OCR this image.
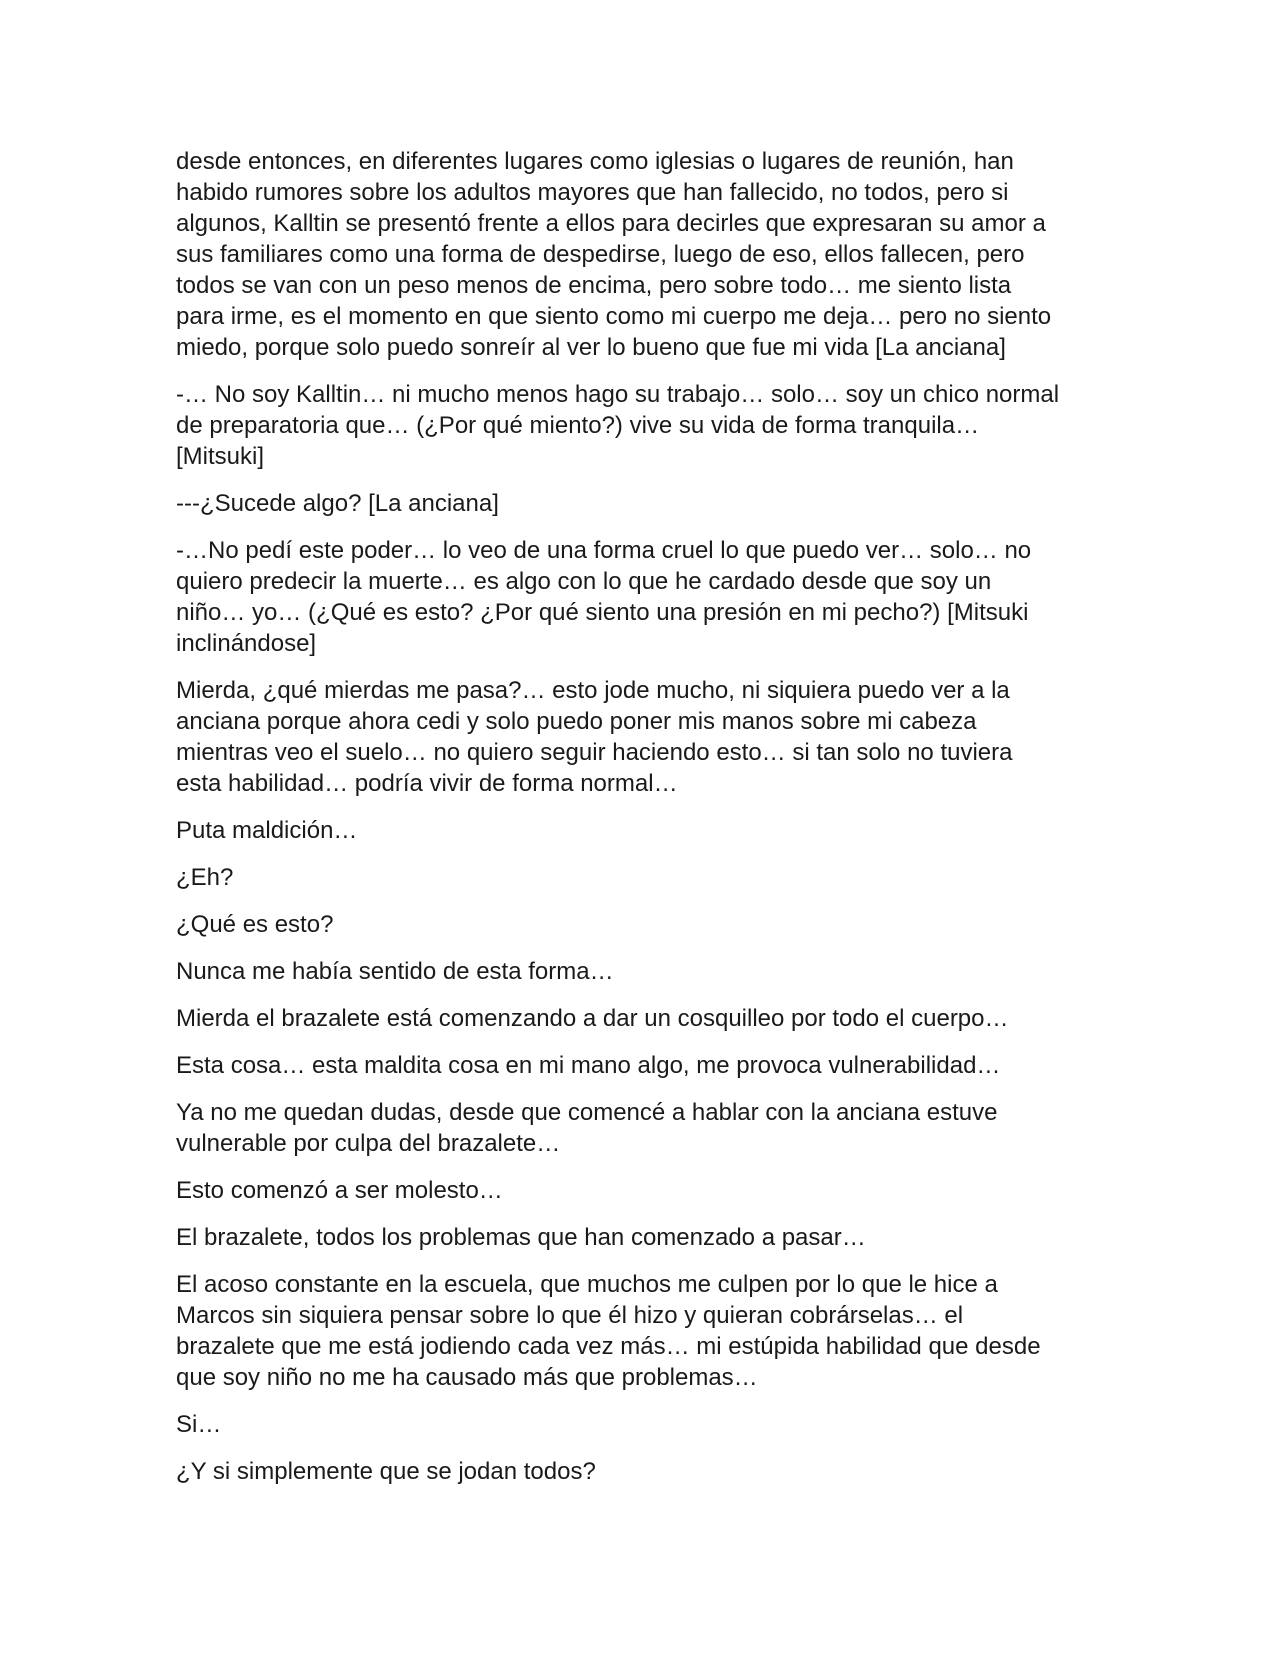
desde entonces, en diferentes lugares como iglesias o lugares de reunión, han
habido rumores sobre los adultos mayores que han fallecido, no todos, pero si
algunos, Kalltin se presentó frente a ellos para decirles que expresaran su amor a
sus familiares como una forma de despedirse, luego de eso, ellos fallecen, pero
todos se van con un peso menos de encima, pero sobre todo… me siento lista
para irme, es el momento en que siento como mi cuerpo me deja… pero no siento
miedo, porque solo puedo sonreír al ver lo bueno que fue mi vida [La anciana]

-… No soy Kalltin… ni mucho menos hago su trabajo… solo… soy un chico normal
de preparatoria que… (¿Por qué miento?) vive su vida de forma tranquila…
[Mitsuki]

---¿Sucede algo? [La anciana]

-…No pedí este poder… lo veo de una forma cruel lo que puedo ver… solo… no
quiero predecir la muerte… es algo con lo que he cardado desde que soy un
niño… yo… (¿Qué es esto? ¿Por qué siento una presión en mi pecho?) [Mitsuki
inclinándose]

Mierda, ¿qué mierdas me pasa?… esto jode mucho, ni siquiera puedo ver a la
anciana porque ahora cedi y solo puedo poner mis manos sobre mi cabeza
mientras veo el suelo… no quiero seguir haciendo esto… si tan solo no tuviera
esta habilidad… podría vivir de forma normal…

Puta maldición…

¿Eh?

¿Qué es esto?

Nunca me había sentido de esta forma…

Mierda el brazalete está comenzando a dar un cosquilleo por todo el cuerpo…

Esta cosa… esta maldita cosa en mi mano algo, me provoca vulnerabilidad…

Ya no me quedan dudas, desde que comencé a hablar con la anciana estuve
vulnerable por culpa del brazalete…

Esto comenzó a ser molesto…

El brazalete, todos los problemas que han comenzado a pasar…

El acoso constante en la escuela, que muchos me culpen por lo que le hice a
Marcos sin siquiera pensar sobre lo que él hizo y quieran cobrárselas… el
brazalete que me está jodiendo cada vez más… mi estúpida habilidad que desde
que soy niño no me ha causado más que problemas…

Si…

¿Y si simplemente que se jodan todos?
